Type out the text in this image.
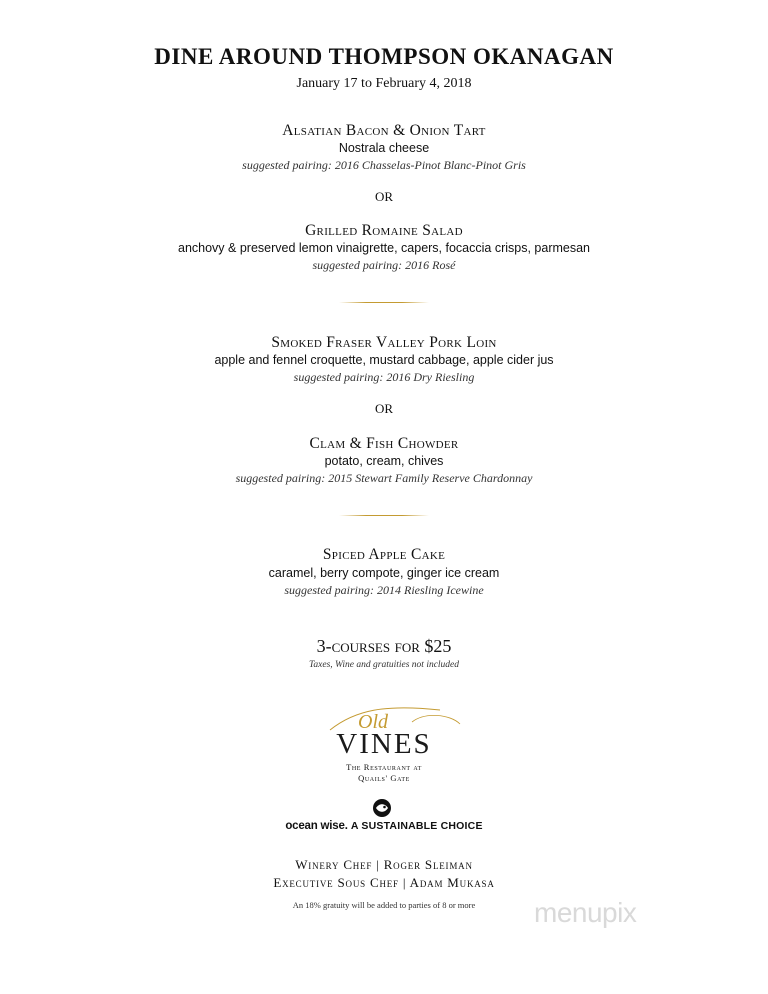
DINE AROUND THOMPSON OKANAGAN

January 17 to February 4, 2018

Alsatian Bacon & Onion Tart

Nostrala cheese

suggested pairing: 2016 Chasselas-Pinot Blanc-Pinot Gris

OR

Grilled Romaine Salad

anchovy & preserved lemon vinaigrette, capers, focaccia crisps, parmesan

suggested pairing: 2016 Rosé

Smoked Fraser Valley Pork Loin

apple and fennel croquette, mustard cabbage, apple cider jus

suggested pairing: 2016 Dry Riesling

OR

Clam & Fish Chowder

potato, cream, chives

suggested pairing: 2015 Stewart Family Reserve Chardonnay

Spiced Apple Cake

caramel, berry compote, ginger ice cream

suggested pairing: 2014 Riesling Icewine

3-courses for $25

Taxes, Wine and gratuities not included

Old

VINES

The Restaurant at

Quails' Gate

ocean wise. A SUSTAINABLE CHOICE

Winery Chef | Roger Sleiman

Executive Sous Chef | Adam Mukasa

An 18% gratuity will be added to parties of 8 or more	menupix
